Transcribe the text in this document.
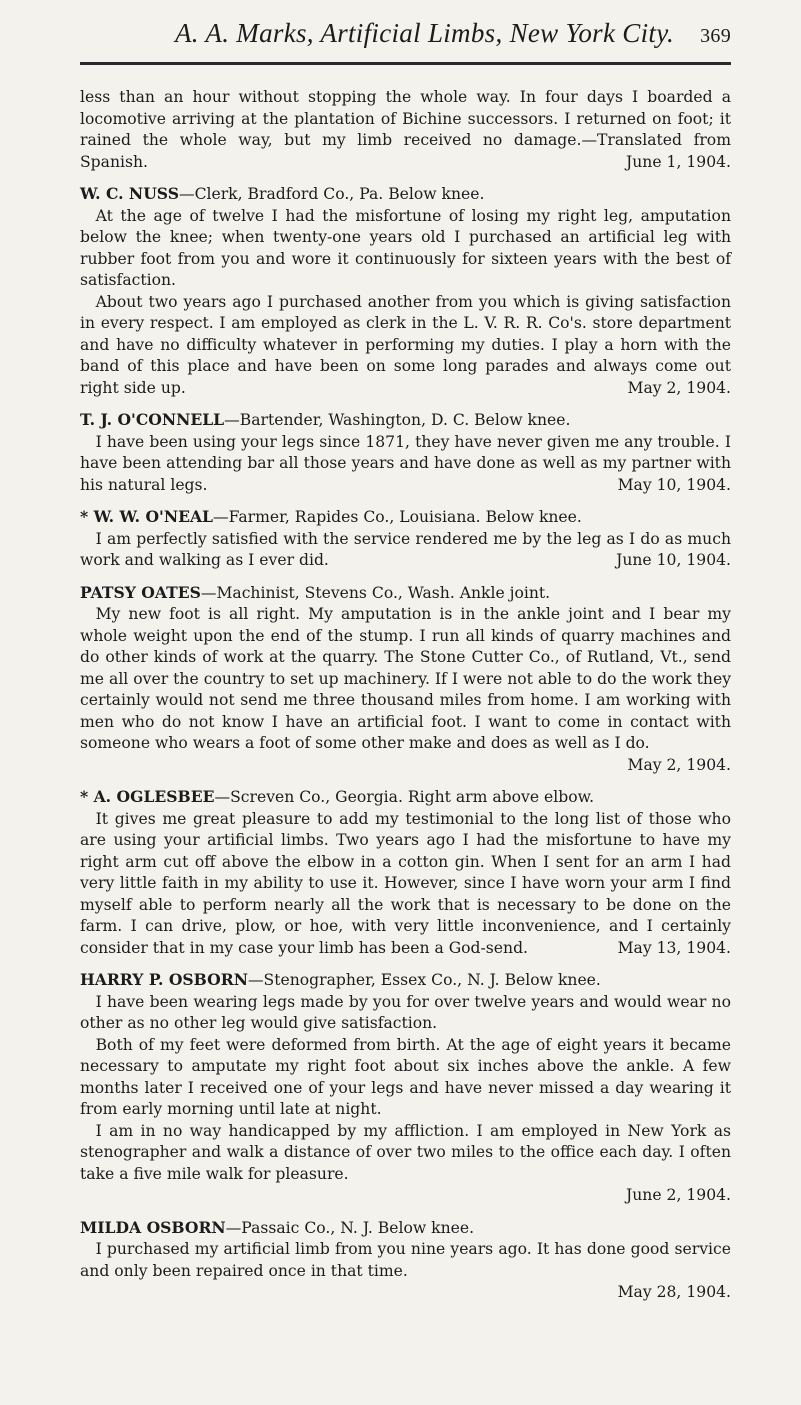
A. A. Marks, Artificial Limbs, New York City. 369

less than an hour without stopping the whole way. In four days I boarded a locomotive arriving at the plantation of Bichine successors. I returned on foot; it rained the whole way, but my limb received no damage.—Translated from Spanish.	June 1, 1904.

W. C. NUSS—Clerk, Bradford Co., Pa. Below knee.

 At the age of twelve I had the misfortune of losing my right leg, amputation below the knee; when twenty-one years old I purchased an artificial leg with rubber foot from you and wore it continuously for sixteen years with the best of satisfaction.

 About two years ago I purchased another from you which is giving satisfaction in every respect. I am employed as clerk in the L. V. R. R. Co's. store department and have no difficulty whatever in performing my duties. I play a horn with the band of this place and have been on some long parades and always come out right side up.	May 2, 1904.

T. J. O'CONNELL—Bartender, Washington, D. C. Below knee.

 I have been using your legs since 1871, they have never given me any trouble. I have been attending bar all those years and have done as well as my partner with his natural legs.	May 10, 1904.

* W. W. O'NEAL—Farmer, Rapides Co., Louisiana. Below knee.

 I am perfectly satisfied with the service rendered me by the leg as I do as much work and walking as I ever did.	June 10, 1904.

PATSY OATES—Machinist, Stevens Co., Wash. Ankle joint.

 My new foot is all right. My amputation is in the ankle joint and I bear my whole weight upon the end of the stump. I run all kinds of quarry machines and do other kinds of work at the quarry. The Stone Cutter Co., of Rutland, Vt., send me all over the country to set up machinery. If I were not able to do the work they certainly would not send me three thousand miles from home. I am working with men who do not know I have an artificial foot. I want to come in contact with someone who wears a foot of some other make and does as well as I do.
May 2, 1904.

* A. OGLESBEE—Screven Co., Georgia. Right arm above elbow.

 It gives me great pleasure to add my testimonial to the long list of those who are using your artificial limbs. Two years ago I had the misfortune to have my right arm cut off above the elbow in a cotton gin. When I sent for an arm I had very little faith in my ability to use it. However, since I have worn your arm I find myself able to perform nearly all the work that is necessary to be done on the farm. I can drive, plow, or hoe, with very little inconvenience, and I certainly consider that in my case your limb has been a God-send.	May 13, 1904.

HARRY P. OSBORN—Stenographer, Essex Co., N. J. Below knee.

 I have been wearing legs made by you for over twelve years and would wear no other as no other leg would give satisfaction.

 Both of my feet were deformed from birth. At the age of eight years it became necessary to amputate my right foot about six inches above the ankle. A few months later I received one of your legs and have never missed a day wearing it from early morning until late at night.

 I am in no way handicapped by my affliction. I am employed in New York as stenographer and walk a distance of over two miles to the office each day. I often take a five mile walk for pleasure.

June 2, 1904.

MILDA OSBORN—Passaic Co., N. J. Below knee.

 I purchased my artificial limb from you nine years ago. It has done good service and only been repaired once in that time.

May 28, 1904.
